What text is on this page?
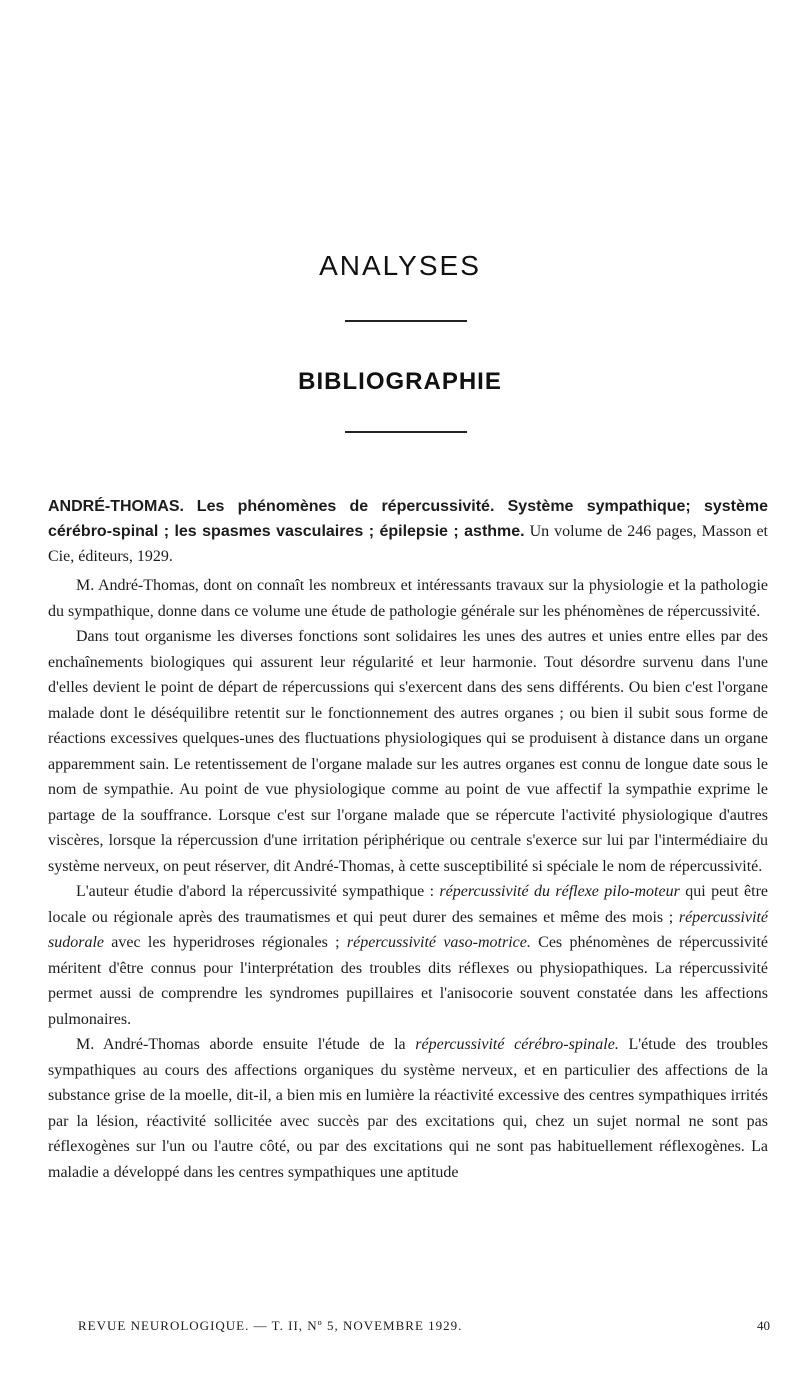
ANALYSES
BIBLIOGRAPHIE
ANDRÉ-THOMAS. Les phénomènes de répercussivité. Système sympathique; système cérébro-spinal ; les spasmes vasculaires ; épilepsie ; asthme. Un volume de 246 pages, Masson et Cie, éditeurs, 1929.

M. André-Thomas, dont on connaît les nombreux et intéressants travaux sur la physiologie et la pathologie du sympathique, donne dans ce volume une étude de pathologie générale sur les phénomènes de répercussivité.

Dans tout organisme les diverses fonctions sont solidaires les unes des autres et unies entre elles par des enchaînements biologiques qui assurent leur régularité et leur harmonie. Tout désordre survenu dans l'une d'elles devient le point de départ de répercussions qui s'exercent dans des sens différents. Ou bien c'est l'organe malade dont le déséquilibre retentit sur le fonctionnement des autres organes ; ou bien il subit sous forme de réactions excessives quelques-unes des fluctuations physiologiques qui se produisent à distance dans un organe apparemment sain. Le retentissement de l'organe malade sur les autres organes est connu de longue date sous le nom de sympathie. Au point de vue physiologique comme au point de vue affectif la sympathie exprime le partage de la souffrance. Lorsque c'est sur l'organe malade que se répercute l'activité physiologique d'autres viscères, lorsque la répercussion d'une irritation périphérique ou centrale s'exerce sur lui par l'intermédiaire du système nerveux, on peut réserver, dit André-Thomas, à cette susceptibilité si spéciale le nom de répercussivité.

L'auteur étudie d'abord la répercussivité sympathique : répercussivité du réflexe pilo-moteur qui peut être locale ou régionale après des traumatismes et qui peut durer des semaines et même des mois ; répercussivité sudorale avec les hyperidroses régionales ; répercussivité vaso-motrice. Ces phénomènes de répercussivité méritent d'être connus pour l'interprétation des troubles dits réflexes ou physiopathiques. La répercussivité permet aussi de comprendre les syndromes pupillaires et l'anisocorie souvent constatée dans les affections pulmonaires.

M. André-Thomas aborde ensuite l'étude de la répercussivité cérébro-spinale. L'étude des troubles sympathiques au cours des affections organiques du système nerveux, et en particulier des affections de la substance grise de la moelle, dit-il, a bien mis en lumière la réactivité excessive des centres sympathiques irrités par la lésion, réactivité sollicitée avec succès par des excitations qui, chez un sujet normal ne sont pas réflexogènes sur l'un ou l'autre côté, ou par des excitations qui ne sont pas habituellement réflexogènes. La maladie a développé dans les centres sympathiques une aptitude

REVUE NEUROLOGIQUE. — T. II, Nº 5, NOVEMBRE 1929.	40
